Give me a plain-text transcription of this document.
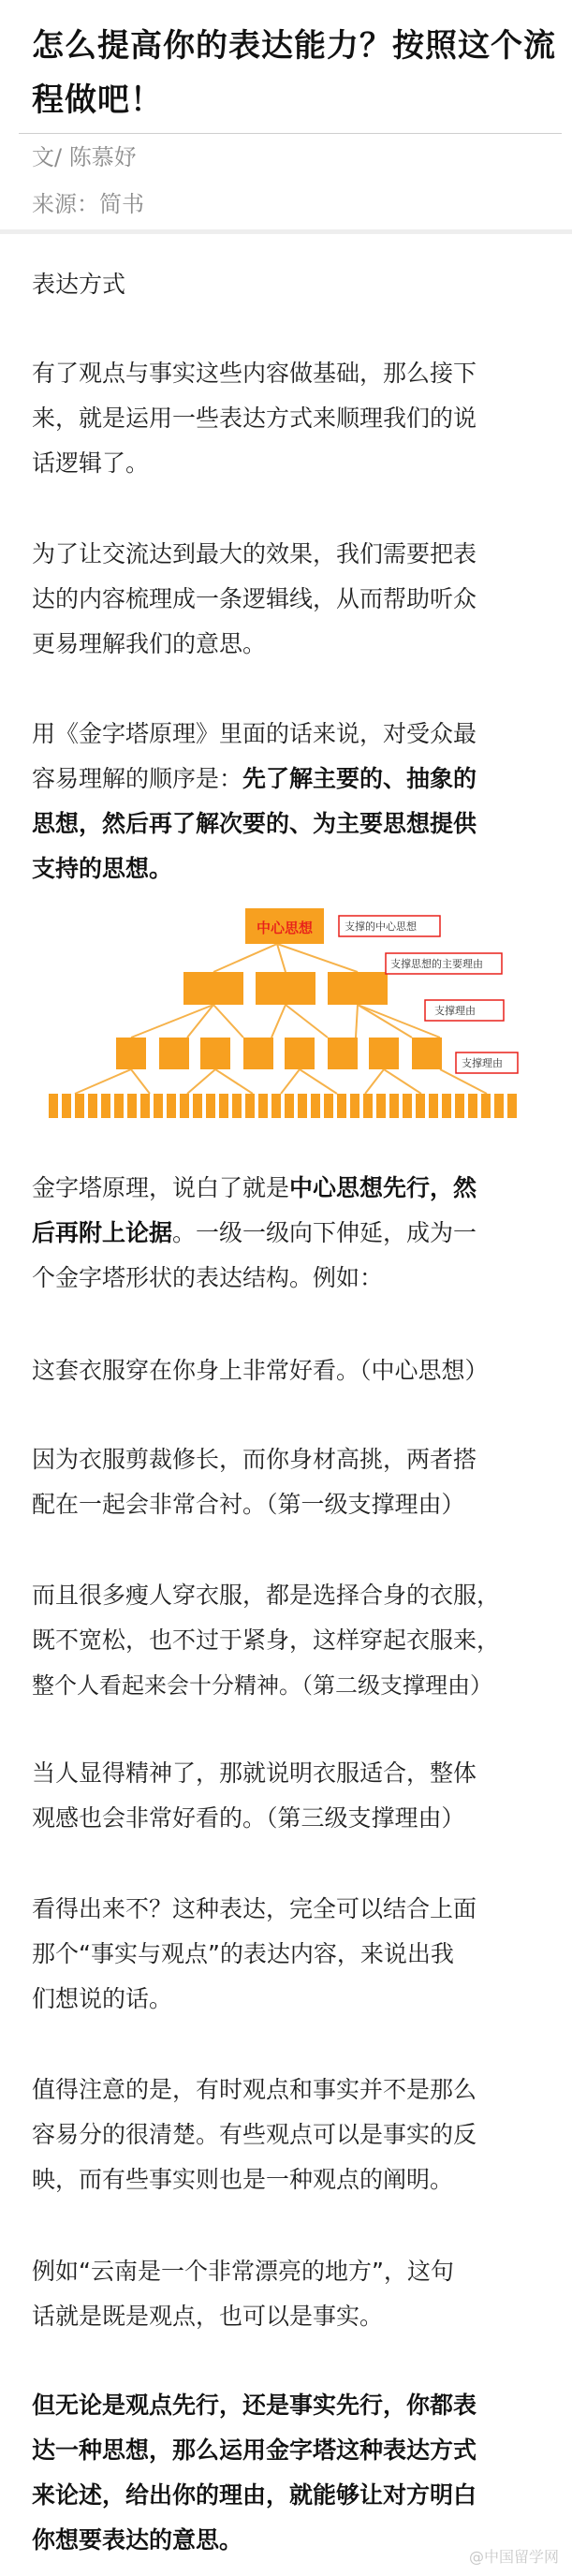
怎么提高你的表达能力？按照这个流
程做吧！
文/ 陈慕妤
来源：简书
表达方式
有了观点与事实这些内容做基础，那么接下
来，就是运用一些表达方式来顺理我们的说
话逻辑了。
为了让交流达到最大的效果，我们需要把表
达的内容梳理成一条逻辑线，从而帮助听众
更易理解我们的意思。
用《金字塔原理》里面的话来说，对受众最
容易理解的顺序是：先了解主要的、抽象的
思想，然后再了解次要的、为主要思想提供
支持的思想。
中心思想	支撑的中心思想
支撑思想的主要理由
支撑理由
支撑理由
金字塔原理，说白了就是中心思想先行，然
后再附上论据。一级一级向下伸延，成为一
个金字塔形状的表达结构。例如：
这套衣服穿在你身上非常好看。（中心思想）
因为衣服剪裁修长，而你身材高挑，两者搭
配在一起会非常合衬。（第一级支撑理由）
而且很多瘦人穿衣服，都是选择合身的衣服，
既不宽松，也不过于紧身，这样穿起衣服来，
整个人看起来会十分精神。（第二级支撑理由）
当人显得精神了，那就说明衣服适合，整体
观感也会非常好看的。（第三级支撑理由）
看得出来不？这种表达，完全可以结合上面
那个“事实与观点”的表达内容，来说出我
们想说的话。
值得注意的是，有时观点和事实并不是那么
容易分的很清楚。有些观点可以是事实的反
映，而有些事实则也是一种观点的阐明。
例如“云南是一个非常漂亮的地方”，这句
话就是既是观点，也可以是事实。
但无论是观点先行，还是事实先行，你都表
达一种思想，那么运用金字塔这种表达方式
来论述，给出你的理由，就能够让对方明白
你想要表达的意思。
@中国留学网
